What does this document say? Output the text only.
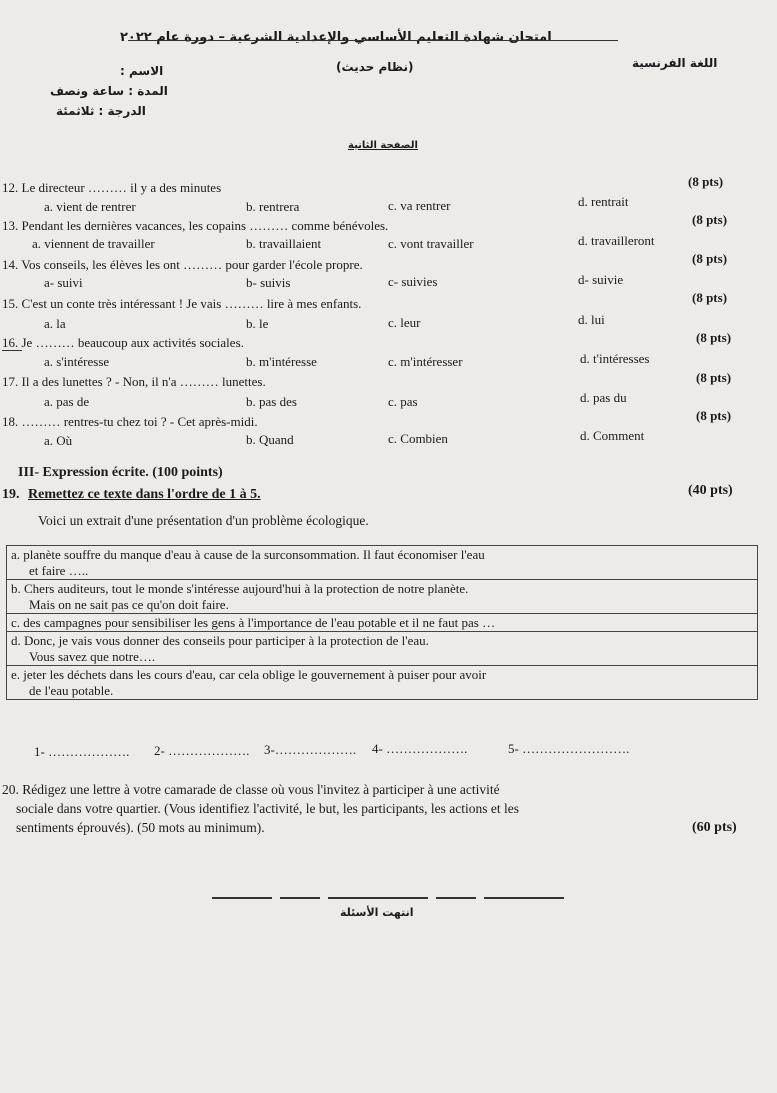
امتحان شهادة التعليم الأساسي والإعدادية الشرعية – دورة عام ٢٠٢٢
(نظام حديث)	اللغة الفرنسية
الاسم :
المدة : ساعة ونصف
الدرجة : ثلاثمئة
الصفحة الثانية
12. Le directeur ……… il y a des minutes	(8 pts)
a. vient de rentrer	b. rentrera	c. va rentrer	d. rentrait
13. Pendant les dernières vacances, les copains ……… comme bénévoles.	(8 pts)
a. viennent de travailler	b. travaillaient	c. vont travailler	d. travailleront
14. Vos conseils, les élèves les ont ……… pour garder l'école propre.	(8 pts)
a- suivi	b- suivis	c- suivies	d- suivie
15. C'est un conte très intéressant ! Je vais ……… lire à mes enfants.	(8 pts)
a. la	b. le	c. leur	d. lui
16. Je ……… beaucoup aux activités sociales.	(8 pts)
a. s'intéresse	b. m'intéresse	c. m'intéresser	d. t'intéresses
17. Il a des lunettes ? - Non, il n'a ……… lunettes.	(8 pts)
a. pas de	b. pas des	c. pas	d. pas du
18. ……… rentres-tu chez toi ? - Cet après-midi.	(8 pts)
a. Où	b. Quand	c. Combien	d. Comment
III- Expression écrite. (100 points)
19. Remettez ce texte dans l'ordre de 1 à 5.	(40 pts)
Voici un extrait d'une présentation d'un problème écologique.
a. planète souffre du manque d'eau à cause de la surconsommation. Il faut économiser l'eau
et faire …..

b. Chers auditeurs, tout le monde s'intéresse aujourd'hui à la protection de notre planète.
Mais on ne sait pas ce qu'on doit faire.

c. des campagnes pour sensibiliser les gens à l'importance de l'eau potable et il ne faut pas …

d. Donc, je vais vous donner des conseils pour participer à la protection de l'eau.
Vous savez que notre….

e. jeter les déchets dans les cours d'eau, car cela oblige le gouvernement à puiser pour avoir
de l'eau potable.
1- ………………. 2- ………………. 3-………………. 4- ……………….	5- …………………….
20. Rédigez une lettre à votre camarade de classe où vous l'invitez à participer à une activité
sociale dans votre quartier. (Vous identifiez l'activité, le but, les participants, les actions et les
sentiments éprouvés). (50 mots au minimum).	(60 pts)

انتهت الأسئلة
